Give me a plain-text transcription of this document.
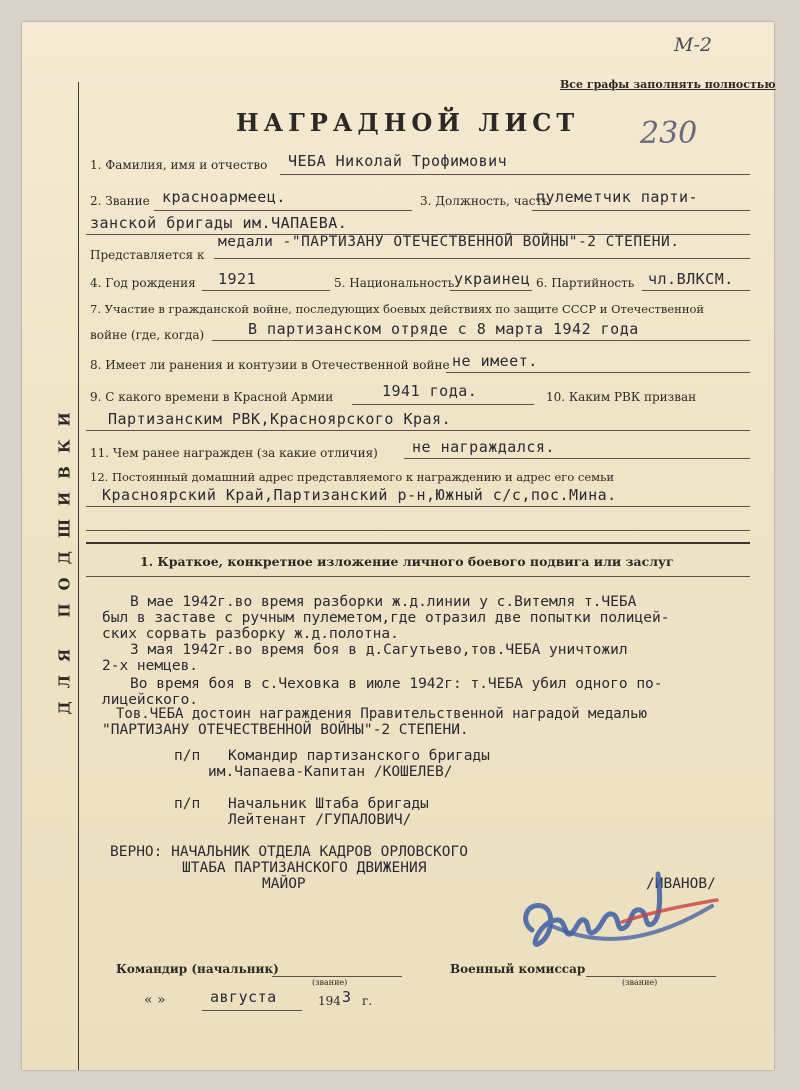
М-2
Все графы заполнять полностью
НАГРАДНОЙ ЛИСТ 230
ДЛЯ ПОДШИВКИ
1. Фамилия, имя и отчество ЧЕБА Николай Трофимович
2. Звание красноармеец.	3. Должность, часть
пулеметчик парти-
занской бригады им.ЧАПАЕВА.
Представляется к
медали -"ПАРТИЗАНУ ОТЕЧЕСТВЕННОЙ ВОЙНЫ"-2 СТЕПЕНИ.
4. Год рождения 1921	5. Национальность украинец 6. Партийность чл.ВЛКСМ.
7. Участие в гражданской войне, последующих боевых действиях по защите СССР и Отечественной
войне (где, когда)	В партизанском отряде с 8 марта 1942 года
8. Имеет ли ранения и контузии в Отечественной войне не имеет.
9. С какого времени в Красной Армии	1941 года.	10. Каким РВК призван
Партизанским РВК,Красноярского Края.
11. Чем ранее награжден (за какие отличия) не награждался.
12. Постоянный домашний адрес представляемого к награждению и адрес его семьи
Красноярский Край,Партизанский р-н,Южный с/с,пос.Мина.
1. Краткое, конкретное изложение личного боевого подвига или заслуг
В мае 1942г.во время разборки ж.д.линии у с.Витемля т.ЧЕБА
был в заставе с ручным пулеметом,где отразил две попытки полицей-
ских сорвать разборку ж.д.полотна.
3 мая 1942г.во время боя в д.Сагутьево,тов.ЧЕБА уничтожил
2-х немцев.
Во время боя в с.Чеховка в июле 1942г: т.ЧЕБА убил одного по-
лицейского.
Тов.ЧЕБА достоин награждения Правительственной наградой медалью
"ПАРТИЗАНУ ОТЕЧЕСТВЕННОЙ ВОЙНЫ"-2 СТЕПЕНИ.
п/п Командир партизанского бригады
им.Чапаева-Капитан /КОШЕЛЕВ/
п/п Начальник Штаба бригады
Лейтенант /ГУПАЛОВИЧ/
ВЕРНО: НАЧАЛЬНИК ОТДЕЛА КАДРОВ ОРЛОВСКОГО
ШТАБА ПАРТИЗАНСКОГО ДВИЖЕНИЯ
МАЙОР	/ИВАНОВ/
Командир (начальник)
(звание)
Военный комиссар
(звание)
« »	августа	194 3 г.
